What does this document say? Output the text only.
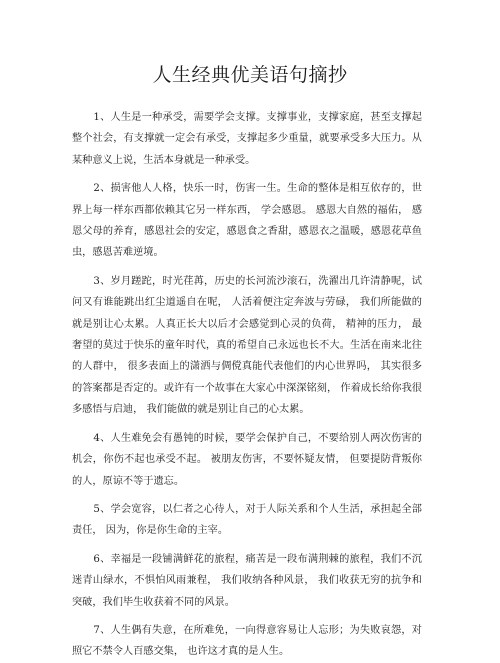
人生经典优美语句摘抄

1、人生是一种承受，需要学会支撑。支撑事业，支撑家庭，甚至支撑起整个社会，有支撑就一定会有承受，支撑起多少重量，就要承受多大压力。从某种意义上说，生活本身就是一种承受。

2、损害他人人格，快乐一时，伤害一生。生命的整体是相互依存的，世界上每一样东西都依赖其它另一样东西， 学会感恩。 感恩大自然的福佑， 感恩父母的养育，感恩社会的安定，感恩食之香甜，感恩衣之温暖，感恩花草鱼虫，感恩苦难逆境。

3、岁月蹉跎，时光荏苒，历史的长河流沙滚石，洗濯出几许清静呢，试问又有谁能跳出红尘道遥自在呢， 人活着便注定奔波与劳碌， 我们所能做的就是别让心太累。人真正长大以后才会感觉到心灵的负荷， 精神的压力， 最奢望的莫过于快乐的童年时代，真的希望自己永远也长不大。生活在南来北往的人群中， 很多表面上的潇洒与倜傥真能代表他们的内心世界吗， 其实很多的答案都是否定的。或许有一个故事在大家心中深深铭刻， 作着成长给你我很多感悟与启迪， 我们能做的就是别让自己的心太累。

4、人生难免会有愚钝的时候，要学会保护自己，不要给别人两次伤害的机会，你伤不起也承受不起。 被朋友伤害，不要怀疑友情， 但要提防背叛你的人，原谅不等于遗忘。

5、学会宽容，以仁者之心待人，对于人际关系和个人生活，承担起全部责任， 因为，你是你生命的主宰。

6、幸福是一段铺满鲜花的旅程，痛苦是一段布满荆棘的旅程，我们不沉迷青山绿水，不惧怕风雨兼程， 我们收纳各种风景， 我们收获无穷的抗争和突破，我们毕生收获着不同的风景。

7、人生偶有失意，在所难免，一向得意容易让人忘形；为失败哀怨，对照它不禁令人百感交集， 也许这才真的是人生。
